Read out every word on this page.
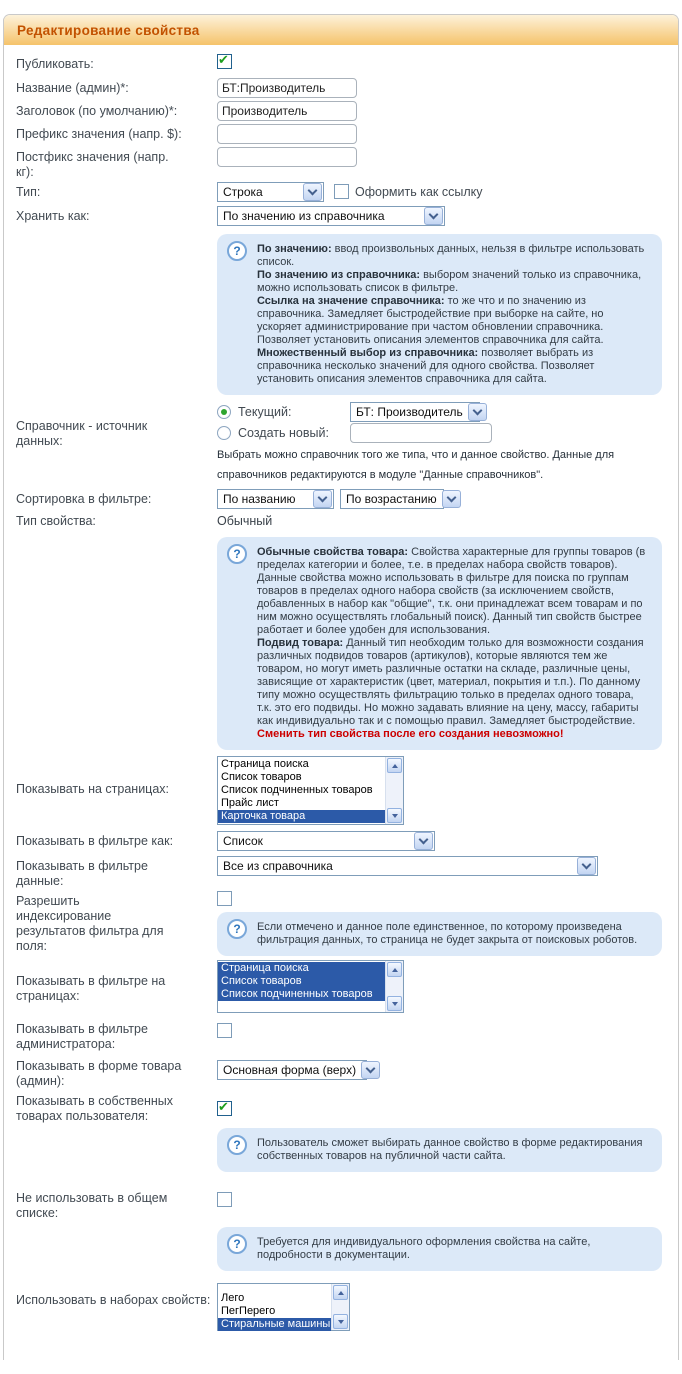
Редактирование свойства
Публиковать:	✔
Название (админ)*:
БТ:Производитель
Заголовок (по умолчанию)*:
Производитель
Префикс значения (напр. $):
Постфикс значения (напр. кг):
Тип:	Строка	Оформить как ссылку
Хранить как:	По значению из справочника
?	По значению: ввод произвольных данных, нельзя в фильтре использовать список.
По значению из справочника: выбором значений только из справочника, можно использовать список в фильтре.
Ссылка на значение справочника: то же что и по значению из справочника. Замедляет быстродействие при выборке на сайте, но ускоряет администрирование при частом обновлении справочника. Позволяет установить описания элементов справочника для сайта.
Множественный выбор из справочника: позволяет выбрать из справочника несколько значений для одного свойства. Позволяет установить описания элементов справочника для сайта.
Справочник - источник данных:
Текущий:	БТ: Производитель
Создать новый:
Выбрать можно справочник того же типа, что и данное свойство. Данные для справочников редактируются в модуле "Данные справочников".
Сортировка в фильтре:	По названию	По возрастанию
Тип свойства:	Обычный
?	Обычные свойства товара: Свойства характерные для группы товаров (в пределах категории и более, т.е. в пределах набора свойств товаров). Данные свойства можно использовать в фильтре для поиска по группам товаров в пределах одного набора свойств (за исключением свойств, добавленных в набор как "общие", т.к. они принадлежат всем товарам и по ним можно осуществлять глобальный поиск). Данный тип свойств быстрее работает и более удобен для использования.
Подвид товара: Данный тип необходим только для возможности создания различных подвидов товаров (артикулов), которые являются тем же товаром, но могут иметь различные остатки на складе, различные цены, зависящие от характеристик (цвет, материал, покрытия и т.п.). По данному типу можно осуществлять фильтрацию только в пределах одного товара, т.к. это его подвиды. Но можно задавать влияние на цену, массу, габариты как индивидуально так и с помощью правил. Замедляет быстродействие.
Сменить тип свойства после его создания невозможно!
Показывать на страницах:
Страница поиска
Список товаров
Список подчиненных товаров
Прайс лист
Карточка товара
Показывать в фильтре как:	Список
Показывать в фильтре данные:
Все из справочника
Разрешить индексирование результатов фильтра для поля:
?	Если отмечено и данное поле единственное, по которому произведена фильтрация данных, то страница не будет закрыта от поисковых роботов.
Показывать в фильтре на страницах:
Страница поиска
Список товаров
Список подчиненных товаров
Показывать в фильтре администратора:
Показывать в форме товара (админ):
Основная форма (верх)
Показывать в собственных товарах пользователя:
✔
?	Пользователь сможет выбирать данное свойство в форме редактирования собственных товаров на публичной части сайта.
Не использовать в общем списке:
?	Требуется для индивидуального оформления свойства на сайте, подробности в документации.
Использовать в наборах свойств: Лего
ПегПерего
Стиральные машины
